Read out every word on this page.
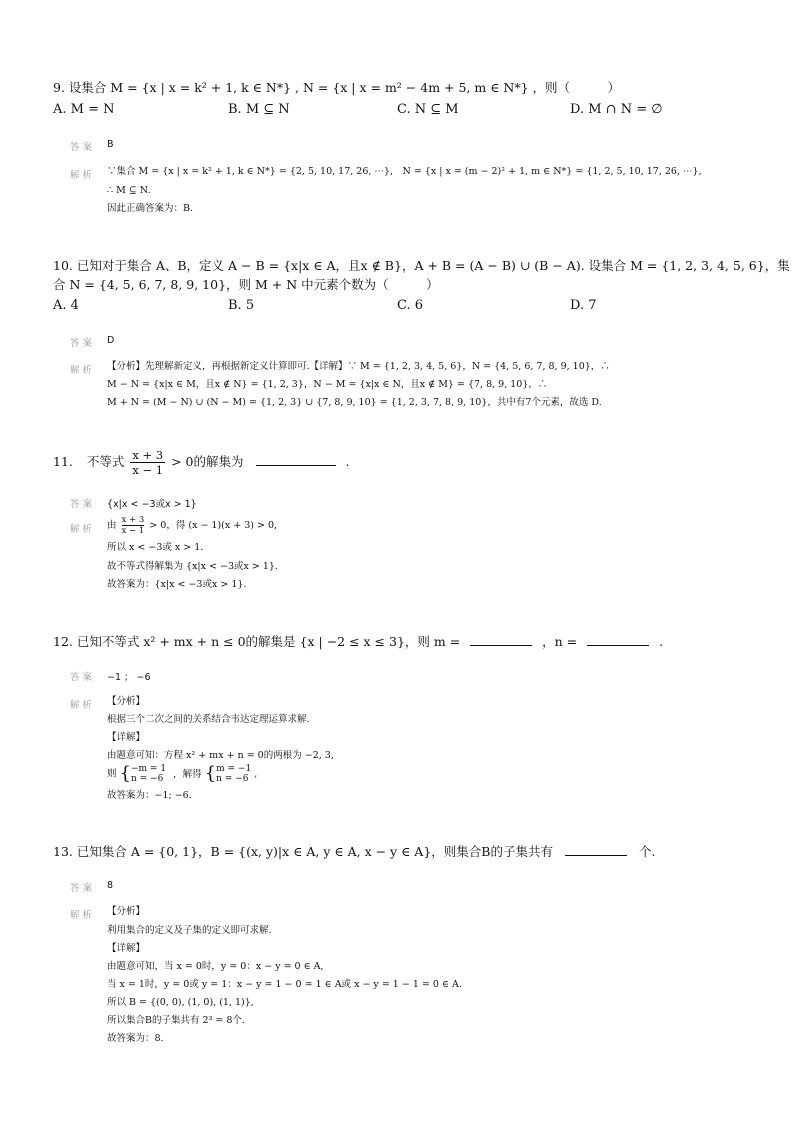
9. 设集合 M = {x | x = k² + 1, k ∈ N*} , N = {x | x = m² − 4m + 5, m ∈ N*} ，则（　　　）
A. M = N	B. M ⊆ N	C. N ⊆ M	D. M ∩ N = ∅
答案 B
解析 ∵集合 M = {x | x = k² + 1, k ∈ N*} = {2, 5, 10, 17, 26, ⋯},　N = {x | x = (m − 2)² + 1, m ∈ N*} = {1, 2, 5, 10, 17, 26, ⋯},
∴ M ⊆ N.
因此正确答案为：B.
10. 已知对于集合 A、B，定义 A − B = {x|x ∈ A，且x ∉ B}，A + B = (A − B) ∪ (B − A). 设集合 M = {1, 2, 3, 4, 5, 6}，集
合 N = {4, 5, 6, 7, 8, 9, 10}，则 M + N 中元素个数为（　　　）
A. 4	B. 5	C. 6	D. 7
答案 D
解析 【分析】先理解新定义，再根据新定义计算即可.【详解】∵ M = {1, 2, 3, 4, 5, 6}，N = {4, 5, 6, 7, 8, 9, 10}，∴
M − N = {x|x ∈ M，且x ∉ N} = {1, 2, 3}，N − M = {x|x ∈ N，且x ∉ M} = {7, 8, 9, 10}，∴
M + N = (M − N) ∪ (N − M) = {1, 2, 3} ∪ {7, 8, 9, 10} = {1, 2, 3, 7, 8, 9, 10}，共中有7个元素，故选 D.
11. 不等式 $\frac{x + 3}{x - 1} > 0$的解集为	.
答案 {x|x < −3或x > 1}
解析 由 $\frac{x + 3}{x - 1} > 0$，得 (x − 1)(x + 3) > 0,
所以 x < −3或 x > 1.
故不等式得解集为 {x|x < −3或x > 1}.
故答案为：{x|x < −3或x > 1}.
12. 已知不等式 x² + mx + n ≤ 0的解集是 {x | −2 ≤ x ≤ 3}，则 m =	，n =	.
答案 −1 ； −6
解析 【分析】
根据三个二次之间的关系结合韦达定理运算求解.
【详解】
由题意可知：方程 x² + mx + n = 0的两根为 −2, 3,
则 { −m = 1
n = −6 ，解得 { m = −1
n = −6 ,
故答案为：−1; −6.
13. 已知集合 A = {0, 1}，B = {(x, y)|x ∈ A, y ∈ A, x − y ∈ A}，则集合B的子集共有	个.
答案 8
解析 【分析】
利用集合的定义及子集的定义即可求解.
【详解】
由题意可知，当 x = 0时，y = 0：x − y = 0 ∈ A,
当 x = 1时，y = 0或 y = 1：x − y = 1 − 0 = 1 ∈ A或 x − y = 1 − 1 = 0 ∈ A.
所以 B = {(0, 0), (1, 0), (1, 1)},
所以集合B的子集共有 2³ = 8个.
故答案为：8.
